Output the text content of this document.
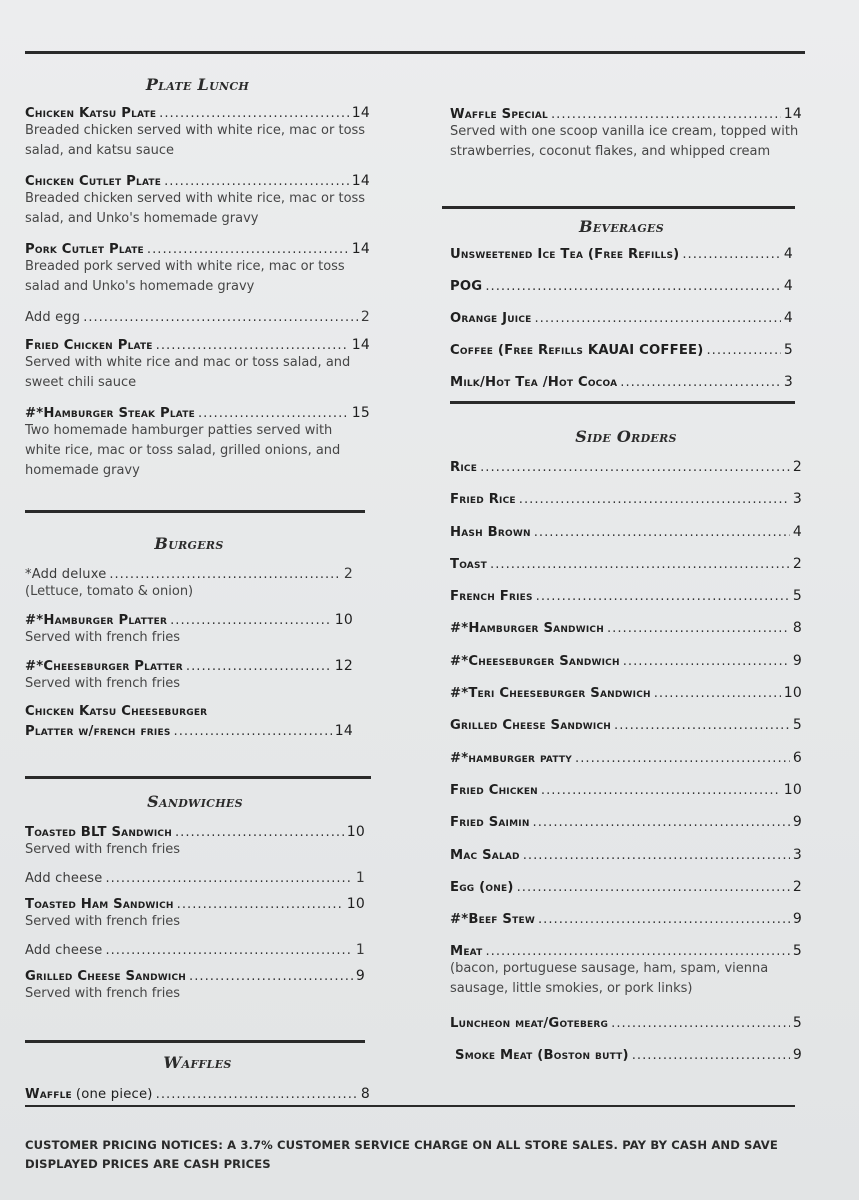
Plate Lunch
Chicken Katsu Plate .....	14
Breaded chicken served with white rice, mac or toss salad, and katsu sauce
Chicken Cutlet Plate .....	14
Breaded chicken served with white rice, mac or toss salad, and Unko's homemade gravy
Pork Cutlet Plate .....	14
Breaded pork served with white rice, mac or toss salad and Unko's homemade gravy
Add egg .....	2
Fried Chicken Plate .....	14
Served with white rice and mac or toss salad, and sweet chili sauce
#*Hamburger Steak Plate .....	15
Two homemade hamburger patties served with white rice, mac or toss salad, grilled onions, and homemade gravy
Burgers
*Add deluxe .....	2
(Lettuce, tomato & onion)
#*Hamburger Platter .....	10
Served with french fries
#*Cheeseburger Platter .....	12
Served with french fries
Chicken Katsu Cheeseburger
Platter w/french fries .....	14
Sandwiches
Toasted BLT Sandwich .....	10
Served with french fries
Add cheese .....	1
Toasted Ham Sandwich .....	10
Served with french fries
Add cheese .....	1
Grilled Cheese Sandwich .....	9
Served with french fries
Waffles
Waffle (one piece) .....	8
Waffle Special .....	14
Served with one scoop vanilla ice cream, topped with strawberries, coconut flakes, and whipped cream
Beverages
Unsweetened Ice Tea (Free Refills) .....	4
POG .....	4
Orange Juice .....	4
Coffee (Free Refills KAUAI COFFEE) .....	5
Milk/Hot Tea /Hot Cocoa .....	3
Side Orders
Rice .....	2
Fried Rice .....	3
Hash Brown .....	4
Toast .....	2
French Fries .....	5
#*Hamburger Sandwich .....	8
#*Cheeseburger Sandwich .....	9
#*Teri Cheeseburger Sandwich .....	10
Grilled Cheese Sandwich .....	5
#*hamburger patty .....	6
Fried Chicken .....	10
Fried Saimin .....	9
Mac Salad .....	3
Egg (one) .....	2
#*Beef Stew .....	9
Meat .....	5
(bacon, portuguese sausage, ham, spam, vienna sausage, little smokies, or pork links)
Luncheon meat/Goteberg .....	5
Smoke Meat (Boston butt) .....	9
CUSTOMER PRICING NOTICES: A 3.7% CUSTOMER SERVICE CHARGE ON ALL STORE SALES. PAY BY CASH AND SAVE
DISPLAYED PRICES ARE CASH PRICES
